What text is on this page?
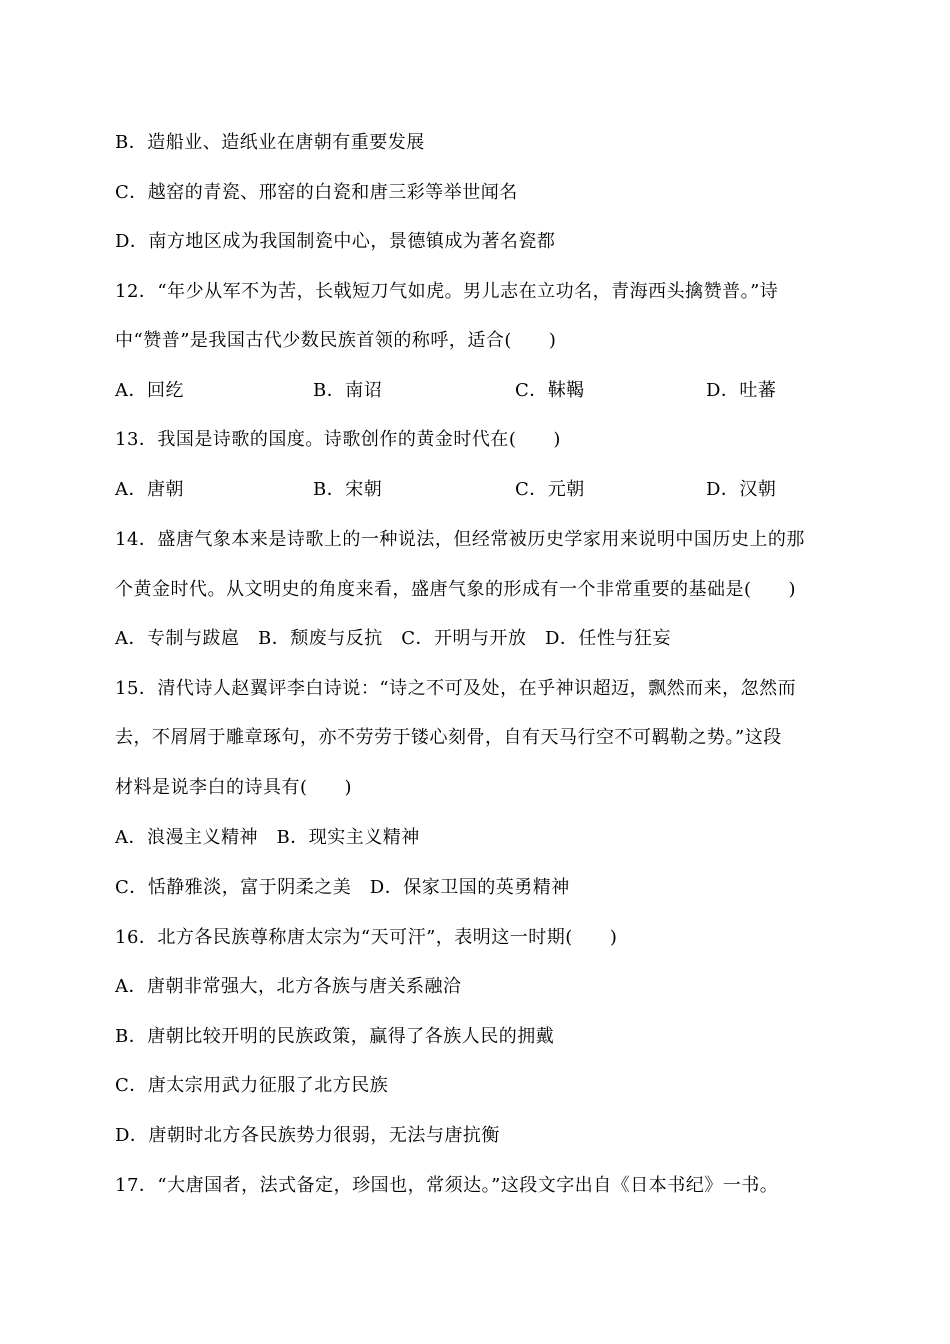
B．造船业、造纸业在唐朝有重要发展
C．越窑的青瓷、邢窑的白瓷和唐三彩等举世闻名
D．南方地区成为我国制瓷中心，景德镇成为著名瓷都
12．“年少从军不为苦，长戟短刀气如虎。男儿志在立功名，青海西头擒赞普。”诗
中“赞普”是我国古代少数民族首领的称呼，适合(　　)
A．回纥	B．南诏	C．靺鞨	D．吐蕃
13．我国是诗歌的国度。诗歌创作的黄金时代在(　　)
A．唐朝	B．宋朝	C．元朝	D．汉朝
14．盛唐气象本来是诗歌上的一种说法，但经常被历史学家用来说明中国历史上的那
个黄金时代。从文明史的角度来看，盛唐气象的形成有一个非常重要的基础是(　　)
A．专制与跋扈　B．颓废与反抗　C．开明与开放　D．任性与狂妄
15．清代诗人赵翼评李白诗说：“诗之不可及处，在乎神识超迈，飘然而来，忽然而
去，不屑屑于雕章琢句，亦不劳劳于镂心刻骨，自有天马行空不可羁勒之势。”这段
材料是说李白的诗具有(　　)
A．浪漫主义精神　B．现实主义精神
C．恬静雅淡，富于阴柔之美　D．保家卫国的英勇精神
16．北方各民族尊称唐太宗为“天可汗”，表明这一时期(　　)
A．唐朝非常强大，北方各族与唐关系融洽
B．唐朝比较开明的民族政策，赢得了各族人民的拥戴
C．唐太宗用武力征服了北方民族
D．唐朝时北方各民族势力很弱，无法与唐抗衡
17．“大唐国者，法式备定，珍国也，常须达。”这段文字出自《日本书纪》一书。
